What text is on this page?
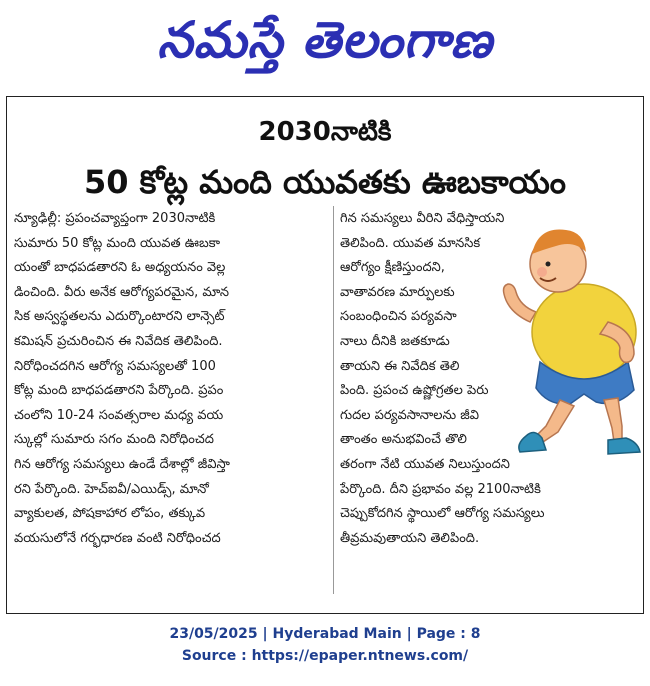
నమస్తే తెలంగాణ
2030నాటికి
50 కోట్ల మంది యువతకు ఊబకాయం
న్యూఢిల్లీ: ప్రపంచవ్యాప్తంగా 2030నాటికి
సుమారు 50 కోట్ల మంది యువత ఊబకా
యంతో బాధపడతారని ఓ అధ్యయనం వెల్ల
డించింది. వీరు అనేక ఆరోగ్యపరమైన, మాన
సిక అస్వస్థతలను ఎదుర్కొంటారని లాన్సెట్
కమిషన్ ప్రచురించిన ఈ నివేదిక తెలిపింది.
నిరోధించదగిన ఆరోగ్య సమస్యలతో 100
కోట్ల మంది బాధపడతారని పేర్కొంది. ప్రపం
చంలోని 10-24 సంవత్సరాల మధ్య వయ
స్కుల్లో సుమారు సగం మంది నిరోధించద
గిన ఆరోగ్య సమస్యలు ఉండే దేశాల్లో జీవిస్తా
రని పేర్కొంది. హెచ్‌ఐవీ/ఎయిడ్స్, మానో
వ్యాకులత, పోషకాహార లోపం, తక్కువ
వయసులోనే గర్భధారణ వంటి నిరోధించద
గిన సమస్యలు వీరిని వేధిస్తాయని
తెలిపింది. యువత మానసిక
ఆరోగ్యం క్షీణిస్తుందని,
వాతావరణ మార్పులకు
సంబంధించిన పర్యవసా
నాలు దీనికి జతకూడు
తాయని ఈ నివేదిక తెలి
పింది. ప్రపంచ ఉష్ణోగ్రతల పెరు
గుదల పర్యవసానాలను జీవి
తాంతం అనుభవించే తొలి
తరంగా నేటి యువత నిలుస్తుందని
పేర్కొంది. దీని ప్రభావం వల్ల 2100నాటికి
చెప్పుకోదగిన స్థాయిలో ఆరోగ్య సమస్యలు
తీవ్రమవుతాయని తెలిపింది.
23/05/2025 | Hyderabad Main | Page : 8
Source : https://epaper.ntnews.com/
